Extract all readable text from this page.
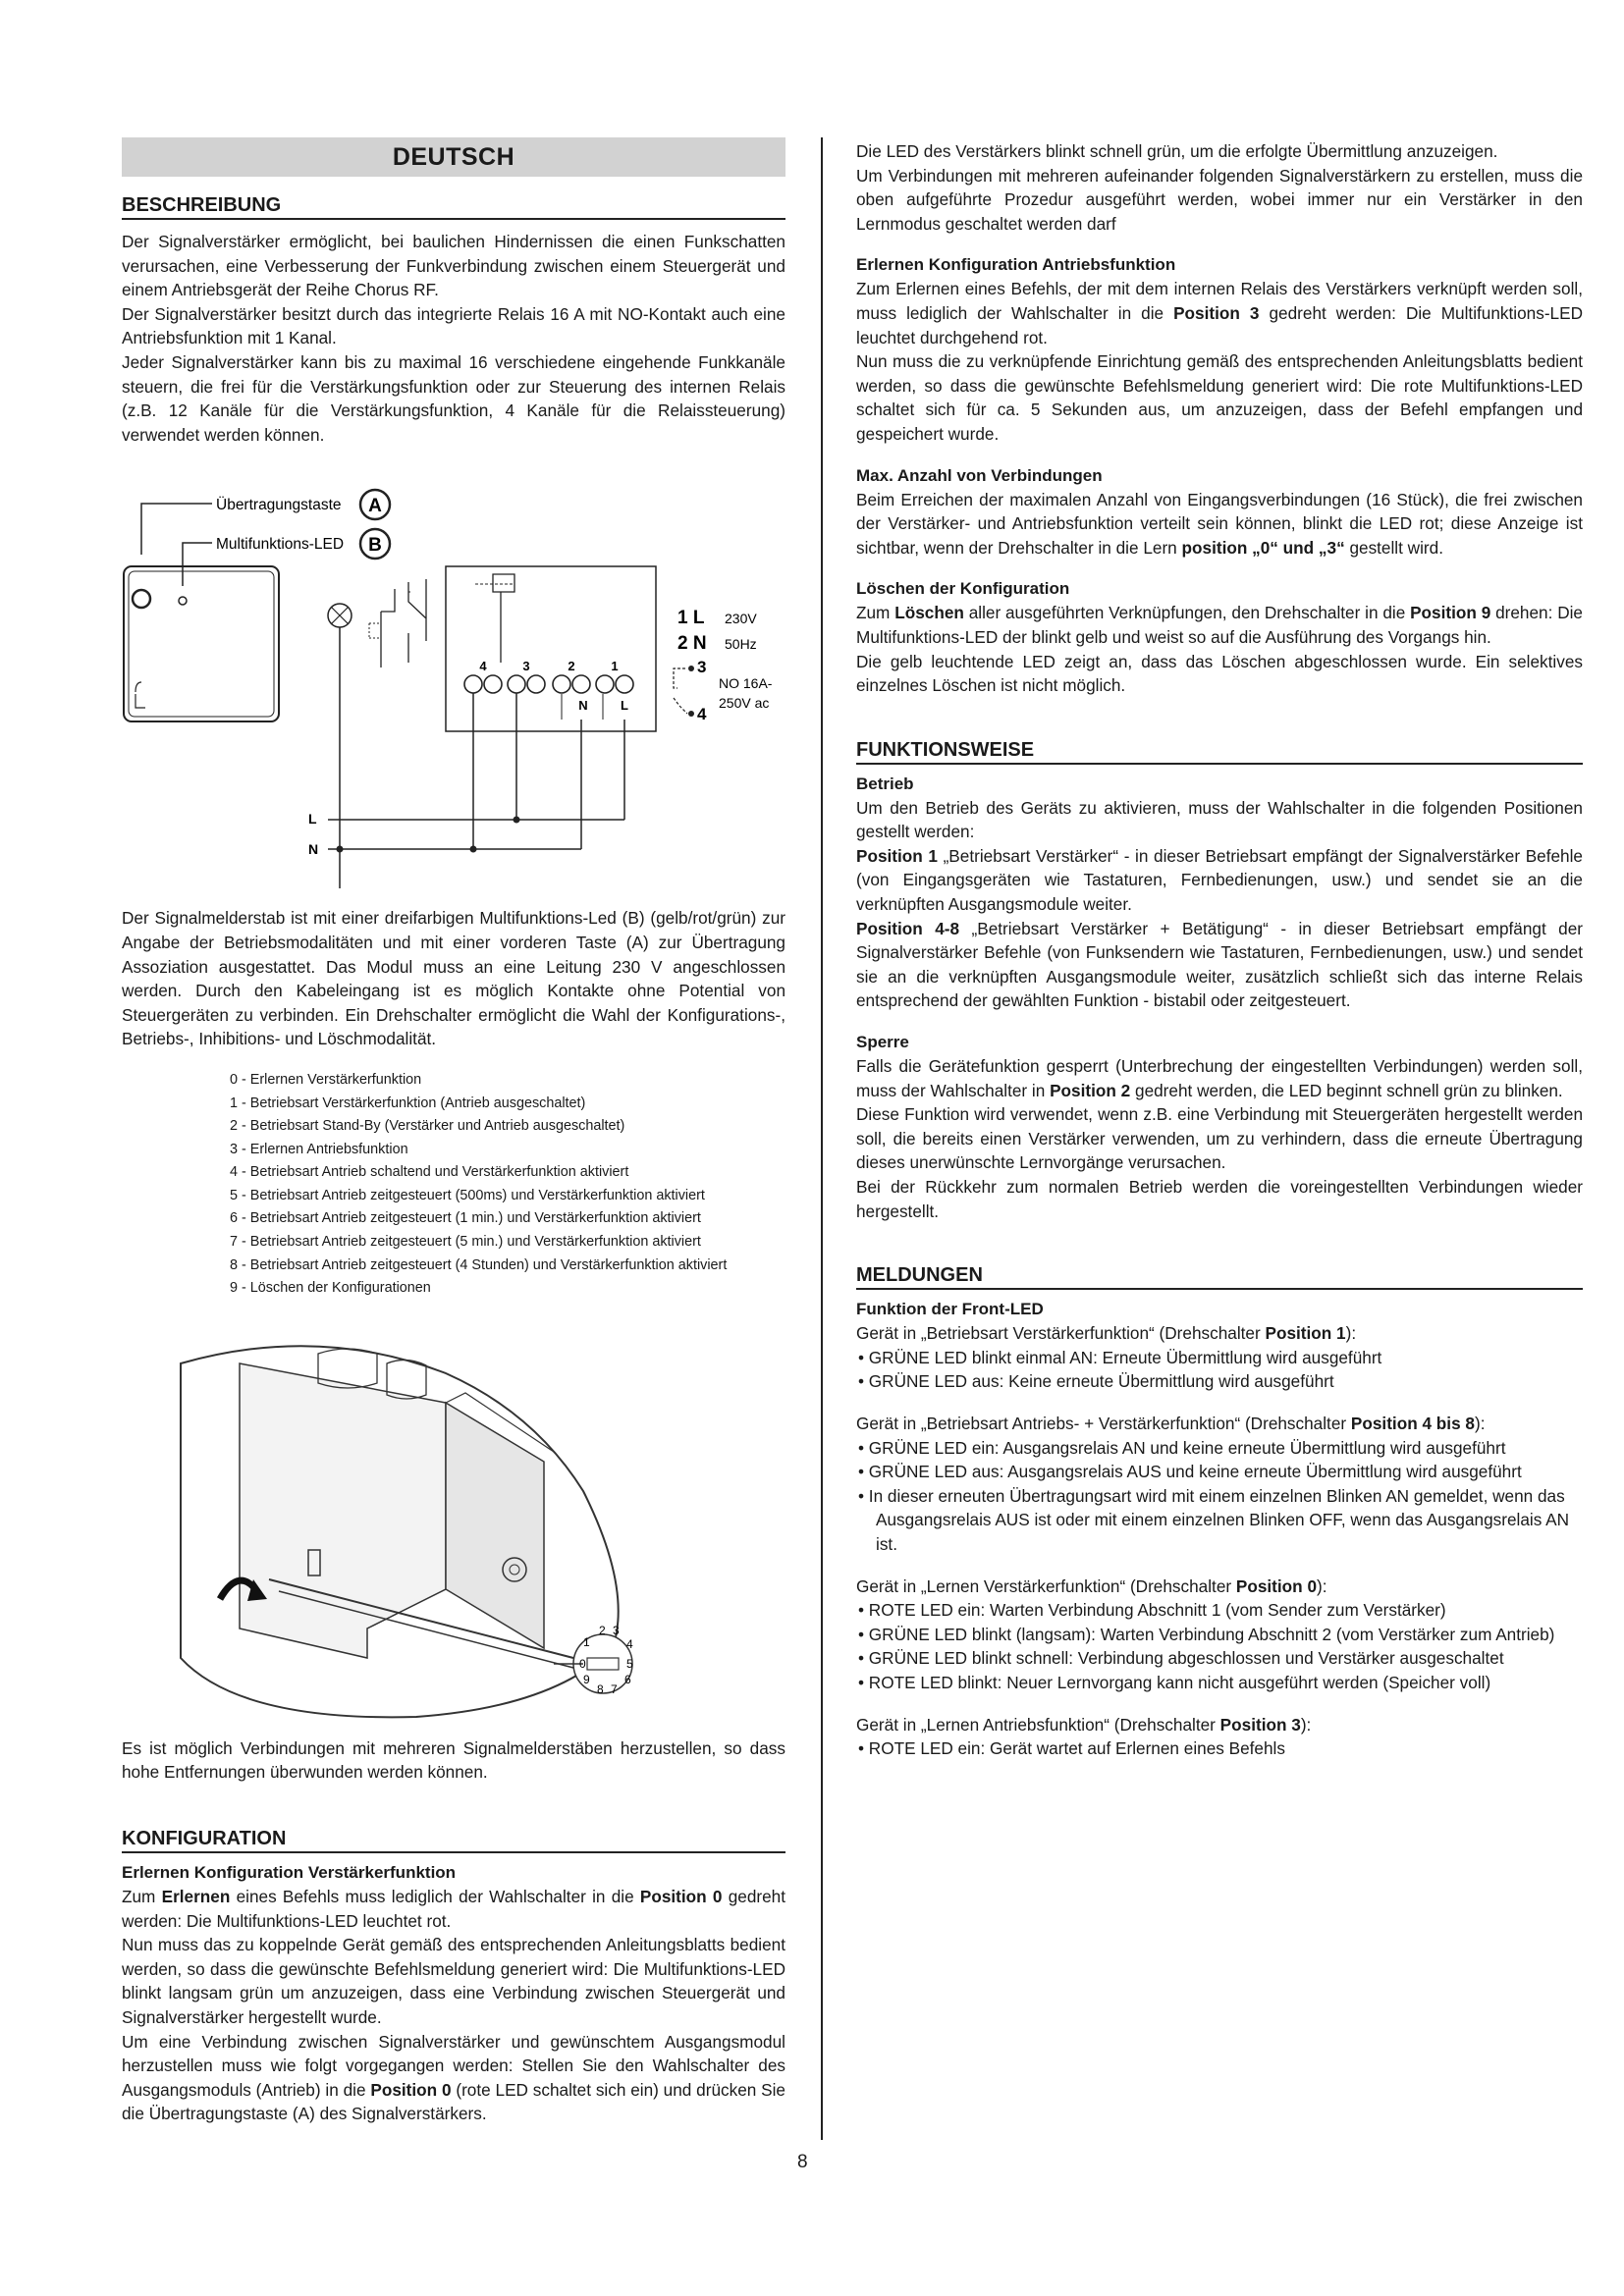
DEUTSCH
BESCHREIBUNG

Der Signalverstärker ermöglicht, bei baulichen Hindernissen die einen Funkschatten verursachen, eine Verbesserung der Funkverbindung zwischen einem Steuergerät und einem Antriebsgerät der Reihe Chorus RF.

Der Signalverstärker besitzt durch das integrierte Relais 16 A mit NO-Kontakt auch eine Antriebsfunktion mit 1 Kanal.

Jeder Signalverstärker kann bis zu maximal 16 verschiedene eingehende Funkkanäle steuern, die frei für die Verstärkungsfunktion oder zur Steuerung des internen Relais (z.B. 12 Kanäle für die Verstärkungsfunktion, 4 Kanäle für die Relaissteuerung) verwendet werden können.

Übertragungstaste A
Multifunktions-LED B
4	3	2	1
N	L
1 L 230V
2 N 50Hz
3
4
NO 16A-
250V ac
L
N

Der Signalmelderstab ist mit einer dreifarbigen Multifunktions-Led (B) (gelb/rot/grün) zur Angabe der Betriebsmodalitäten und mit einer vorderen Taste (A) zur Übertragung Assoziation ausgestattet. Das Modul muss an eine Leitung 230 V angeschlossen werden. Durch den Kabeleingang ist es möglich Kontakte ohne Potential von Steuergeräten zu verbinden. Ein Drehschalter ermöglicht die Wahl der Konfigurations-, Betriebs-, Inhibitions- und Löschmodalität.

0 - Erlernen Verstärkerfunktion
1 - Betriebsart Verstärkerfunktion (Antrieb ausgeschaltet)
2 - Betriebsart Stand-By (Verstärker und Antrieb ausgeschaltet)
3 - Erlernen Antriebsfunktion
4 - Betriebsart Antrieb schaltend und Verstärkerfunktion aktiviert
5 - Betriebsart Antrieb zeitgesteuert (500ms) und Verstärkerfunktion aktiviert
6 - Betriebsart Antrieb zeitgesteuert (1 min.) und Verstärkerfunktion aktiviert
7 - Betriebsart Antrieb zeitgesteuert (5 min.) und Verstärkerfunktion aktiviert
8 - Betriebsart Antrieb zeitgesteuert (4 Stunden) und Verstärkerfunktion aktiviert
9 - Löschen der Konfigurationen
2 3
1	4
0	5
9	6
8 7

Es ist möglich Verbindungen mit mehreren Signalmelderstäben herzustellen, so dass hohe Entfernungen überwunden werden können.

KONFIGURATION
Erlernen Konfiguration Verstärkerfunktion

Zum Erlernen eines Befehls muss lediglich der Wahlschalter in die Position 0 gedreht werden: Die Multifunktions-LED leuchtet rot.

Nun muss das zu koppelnde Gerät gemäß des entsprechenden Anleitungsblatts bedient werden, so dass die gewünschte Befehlsmeldung generiert wird: Die Multifunktions-LED blinkt langsam grün um anzuzeigen, dass eine Verbindung zwischen Steuergerät und Signalverstärker hergestellt wurde.

Um eine Verbindung zwischen Signalverstärker und gewünschtem Ausgangsmodul herzustellen muss wie folgt vorgegangen werden: Stellen Sie den Wahlschalter des Ausgangsmoduls (Antrieb) in die Position 0 (rote LED schaltet sich ein) und drücken Sie die Übertragungstaste (A) des Signalverstärkers.

Die LED des Verstärkers blinkt schnell grün, um die erfolgte Übermittlung anzuzeigen.

Um Verbindungen mit mehreren aufeinander folgenden Signalverstärkern zu erstellen, muss die oben aufgeführte Prozedur ausgeführt werden, wobei immer nur ein Verstärker in den Lernmodus geschaltet werden darf

Erlernen Konfiguration Antriebsfunktion

Zum Erlernen eines Befehls, der mit dem internen Relais des Verstärkers verknüpft werden soll, muss lediglich der Wahlschalter in die Position 3 gedreht werden: Die Multifunktions-LED leuchtet durchgehend rot.

Nun muss die zu verknüpfende Einrichtung gemäß des entsprechenden Anleitungsblatts bedient werden, so dass die gewünschte Befehlsmeldung generiert wird: Die rote Multifunktions-LED schaltet sich für ca. 5 Sekunden aus, um anzuzeigen, dass der Befehl empfangen und gespeichert wurde.

Max. Anzahl von Verbindungen

Beim Erreichen der maximalen Anzahl von Eingangsverbindungen (16 Stück), die frei zwischen der Verstärker- und Antriebsfunktion verteilt sein können, blinkt die LED rot; diese Anzeige ist sichtbar, wenn der Drehschalter in die Lern position „0“ und „3“ gestellt wird.

Löschen der Konfiguration

Zum Löschen aller ausgeführten Verknüpfungen, den Drehschalter in die Position 9 drehen: Die Multifunktions-LED der blinkt gelb und weist so auf die Ausführung des Vorgangs hin.

Die gelb leuchtende LED zeigt an, dass das Löschen abgeschlossen wurde. Ein selektives einzelnes Löschen ist nicht möglich.

FUNKTIONSWEISE
Betrieb

Um den Betrieb des Geräts zu aktivieren, muss der Wahlschalter in die folgenden Positionen gestellt werden:

Position 1 „Betriebsart Verstärker“ - in dieser Betriebsart empfängt der Signalverstärker Befehle (von Eingangsgeräten wie Tastaturen, Fernbedienungen, usw.) und sendet sie an die verknüpften Ausgangsmodule weiter.

Position 4-8 „Betriebsart Verstärker + Betätigung“ - in dieser Betriebsart empfängt der Signalverstärker Befehle (von Funksendern wie Tastaturen, Fernbedienungen, usw.) und sendet sie an die verknüpften Ausgangsmodule weiter, zusätzlich schließt sich das interne Relais entsprechend der gewählten Funktion - bistabil oder zeitgesteuert.

Sperre

Falls die Gerätefunktion gesperrt (Unterbrechung der eingestellten Verbindungen) werden soll, muss der Wahlschalter in Position 2 gedreht werden, die LED beginnt schnell grün zu blinken.

Diese Funktion wird verwendet, wenn z.B. eine Verbindung mit Steuergeräten hergestellt werden soll, die bereits einen Verstärker verwenden, um zu verhindern, dass die erneute Übertragung dieses unerwünschte Lernvorgänge verursachen.

Bei der Rückkehr zum normalen Betrieb werden die voreingestellten Verbindungen wieder hergestellt.

MELDUNGEN
Funktion der Front-LED

Gerät in „Betriebsart Verstärkerfunktion“ (Drehschalter Position 1):

• GRÜNE LED blinkt einmal AN: Erneute Übermittlung wird ausgeführt

• GRÜNE LED aus: Keine erneute Übermittlung wird ausgeführt

Gerät in „Betriebsart Antriebs- + Verstärkerfunktion“ (Drehschalter Position 4 bis 8):

• GRÜNE LED ein: Ausgangsrelais AN und keine erneute Übermittlung wird ausgeführt

• GRÜNE LED aus: Ausgangsrelais AUS und keine erneute Übermittlung wird ausgeführt

• In dieser erneuten Übertragungsart wird mit einem einzelnen Blinken AN gemeldet, wenn das Ausgangsrelais AUS ist oder mit einem einzelnen Blinken OFF, wenn das Ausgangsrelais AN ist.

Gerät in „Lernen Verstärkerfunktion“ (Drehschalter Position 0):

• ROTE LED ein: Warten Verbindung Abschnitt 1 (vom Sender zum Verstärker)

• GRÜNE LED blinkt (langsam): Warten Verbindung Abschnitt 2 (vom Verstärker zum Antrieb)

• GRÜNE LED blinkt schnell: Verbindung abgeschlossen und Verstärker ausgeschaltet

• ROTE LED blinkt: Neuer Lernvorgang kann nicht ausgeführt werden (Speicher voll)

Gerät in „Lernen Antriebsfunktion“ (Drehschalter Position 3):

• ROTE LED ein: Gerät wartet auf Erlernen eines Befehls

8
